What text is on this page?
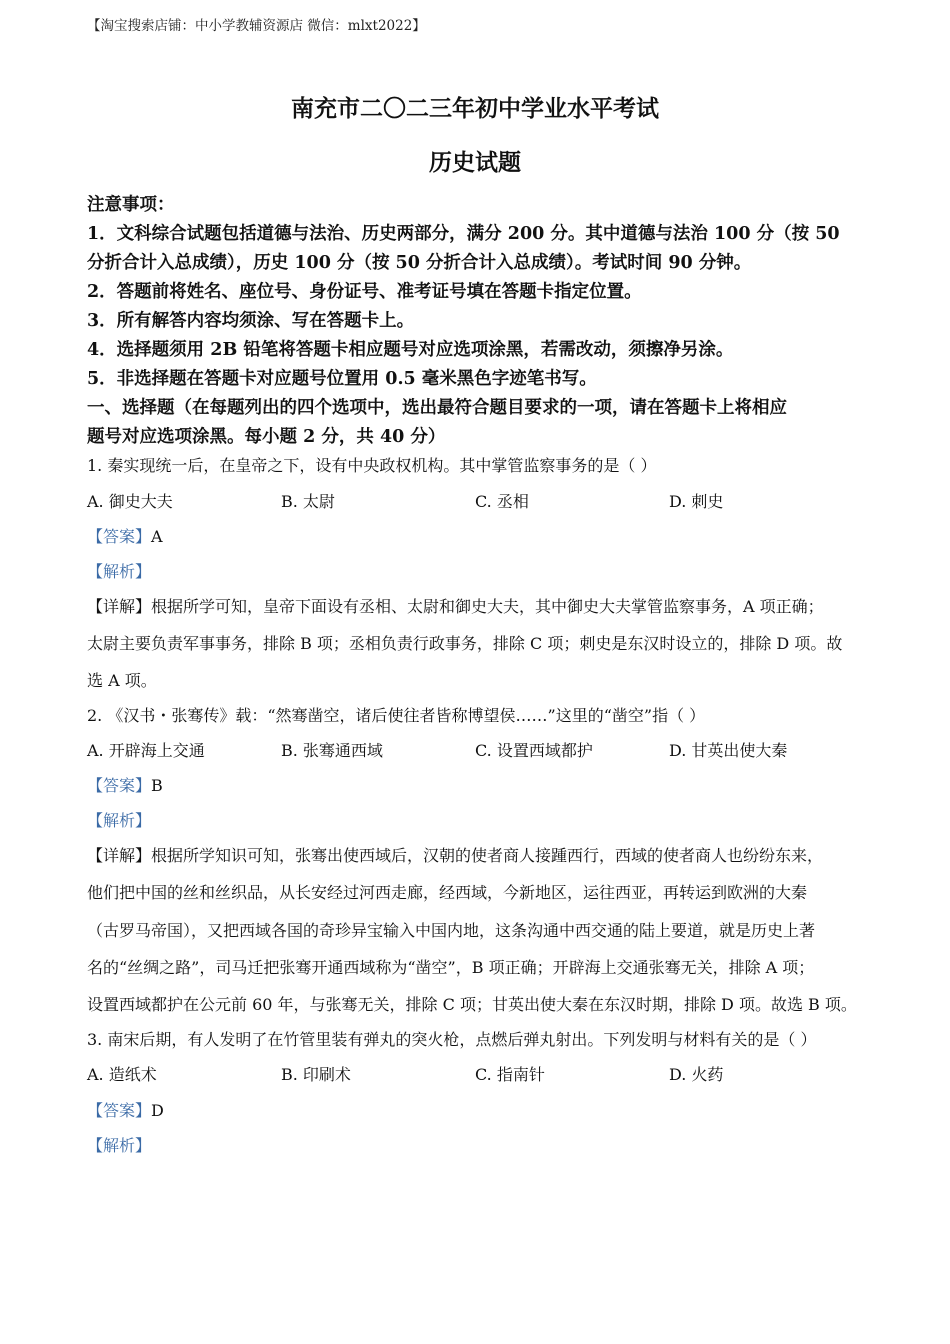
【淘宝搜索店铺：中小学教辅资源店 微信：mlxt2022】
南充市二〇二三年初中学业水平考试
历史试题
注意事项：
1．文科综合试题包括道德与法治、历史两部分，满分 200 分。其中道德与法治 100 分（按 50
分折合计入总成绩），历史 100 分（按 50 分折合计入总成绩）。考试时间 90 分钟。
2．答题前将姓名、座位号、身份证号、准考证号填在答题卡指定位置。
3．所有解答内容均须涂、写在答题卡上。
4．选择题须用 2B 铅笔将答题卡相应题号对应选项涂黑，若需改动，须擦净另涂。
5．非选择题在答题卡对应题号位置用 0.5 毫米黑色字迹笔书写。
一、选择题（在每题列出的四个选项中，选出最符合题目要求的一项，请在答题卡上将相应
题号对应选项涂黑。每小题 2 分，共 40 分）
1. 秦实现统一后，在皇帝之下，设有中央政权机构。其中掌管监察事务的是（ ）
A. 御史大夫	B. 太尉	C. 丞相	D. 刺史
【答案】A
【解析】
【详解】根据所学可知，皇帝下面设有丞相、太尉和御史大夫，其中御史大夫掌管监察事务，A 项正确；
太尉主要负责军事事务，排除 B 项；丞相负责行政事务，排除 C 项；刺史是东汉时设立的，排除 D 项。故
选 A 项。
2. 《汉书・张骞传》载：“然骞凿空，诸后使往者皆称博望侯……”这里的“凿空”指（ ）
A. 开辟海上交通	B. 张骞通西域	C. 设置西域都护	D. 甘英出使大秦
【答案】B
【解析】
【详解】根据所学知识可知，张骞出使西域后，汉朝的使者商人接踵西行，西域的使者商人也纷纷东来，
他们把中国的丝和丝织品，从长安经过河西走廊，经西域，今新地区，运往西亚，再转运到欧洲的大秦
（古罗马帝国），又把西域各国的奇珍异宝输入中国内地，这条沟通中西交通的陆上要道，就是历史上著
名的“丝绸之路”，司马迁把张骞开通西域称为“凿空”，B 项正确；开辟海上交通张骞无关，排除 A 项；
设置西域都护在公元前 60 年，与张骞无关，排除 C 项；甘英出使大秦在东汉时期，排除 D 项。故选 B 项。
3. 南宋后期，有人发明了在竹管里装有弹丸的突火枪，点燃后弹丸射出。下列发明与材料有关的是（ ）
A. 造纸术	B. 印刷术	C. 指南针	D. 火药
【答案】D
【解析】
